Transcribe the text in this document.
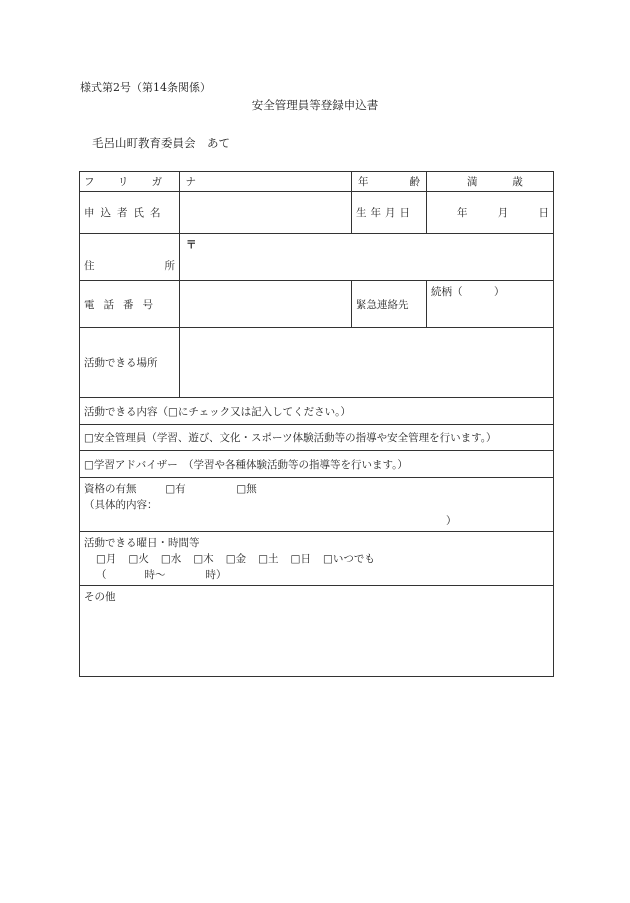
様式第2号（第14条関係）
安全管理員等登録申込書
毛呂山町教育委員会　あて
フ リ ガ ナ		年 齢	満 歳

申込者氏名		生年月日	年 月 日

住 所	〒		

電話番号		緊急連絡先	続柄（　　　）
活動できる場所			
活動できる内容（□にチェック又は記入してください。）			
□安全管理員（学習、遊び、文化・スポーツ体験活動等の指導や安全管理を行います。）			
□学習アドバイザー　（学習や各種体験活動等の指導等を行います。）			

資格の有無 □有 □無
（具体的内容：
）			

活動できる曜日・時間等
□月 □火 □水 □木 □金 □土 □日 □いつでも
（ 時〜 時）			

その他			
